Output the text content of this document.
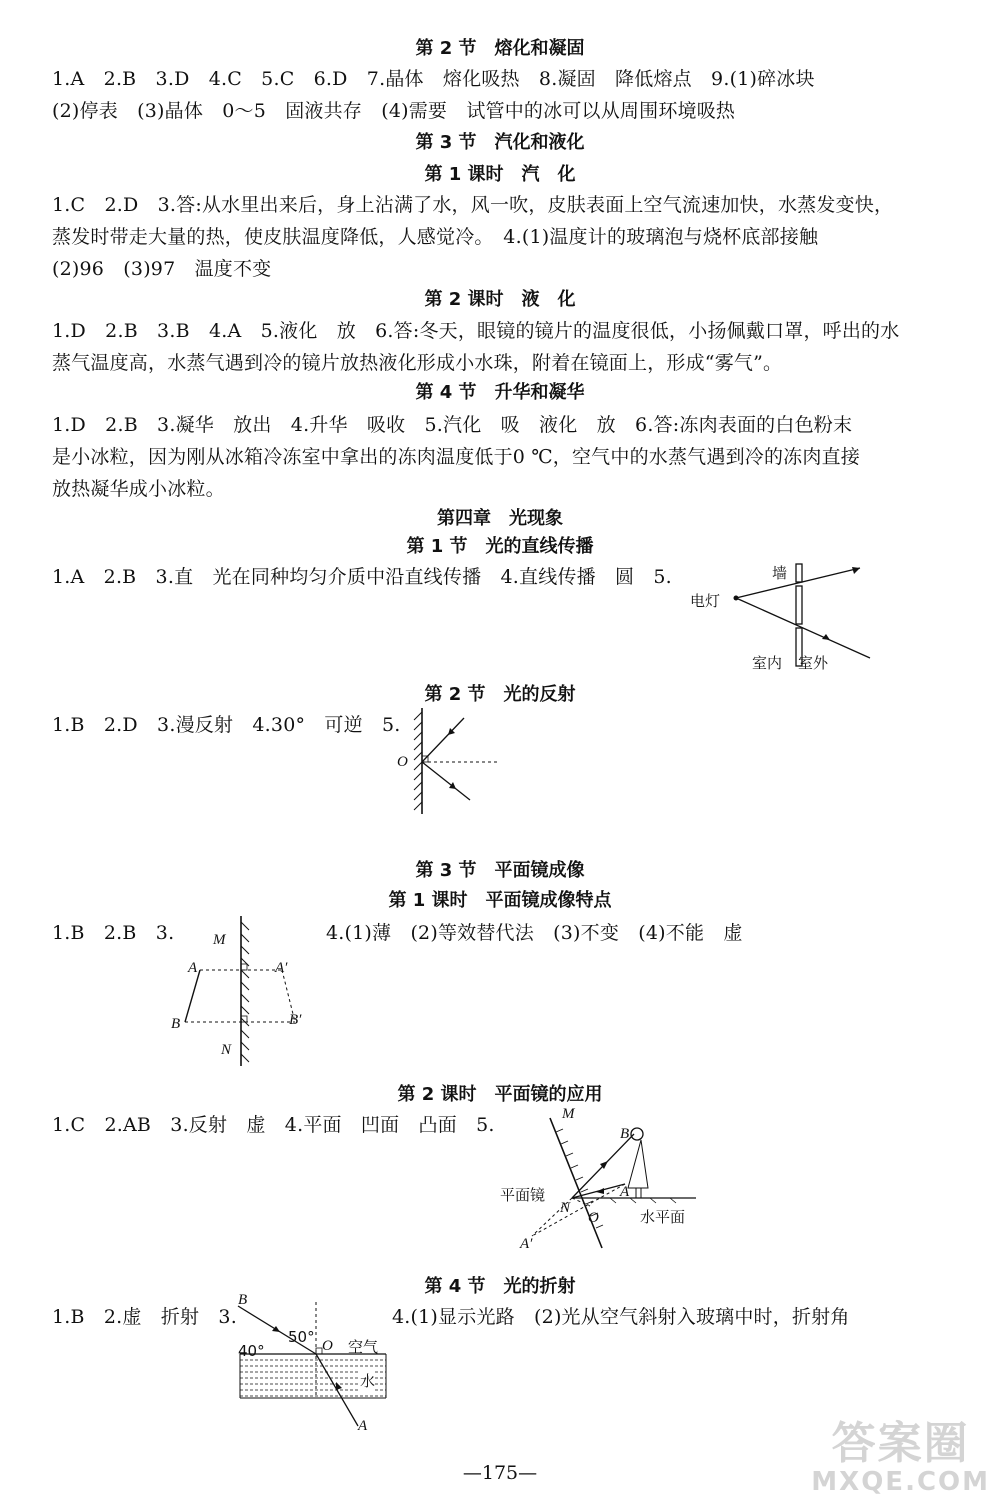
第 2 节　熔化和凝固
1.A　2.B　3.D　4.C　5.C　6.D　7.晶体　熔化吸热　8.凝固　降低熔点　9.(1)碎冰块
(2)停表　(3)晶体　0～5　固液共存　(4)需要　试管中的冰可以从周围环境吸热
第 3 节　汽化和液化
第 1 课时　汽　化
1.C　2.D　3.答:从水里出来后，身上沾满了水，风一吹，皮肤表面上空气流速加快，水蒸发变快，
蒸发时带走大量的热，使皮肤温度降低，人感觉冷。　4.(1)温度计的玻璃泡与烧杯底部接触
(2)96　(3)97　温度不变
第 2 课时　液　化
1.D　2.B　3.B　4.A　5.液化　放　6.答:冬天，眼镜的镜片的温度很低，小扬佩戴口罩，呼出的水
蒸气温度高，水蒸气遇到冷的镜片放热液化形成小水珠，附着在镜面上，形成“雾气”。
第 4 节　升华和凝华
1.D　2.B　3.凝华　放出　4.升华　吸收　5.汽化　吸　液化　放　6.答:冻肉表面的白色粉末
是小冰粒，因为刚从冰箱冷冻室中拿出的冻肉温度低于0 ℃，空气中的水蒸气遇到冷的冻肉直接
放热凝华成小冰粒。
第四章　光现象
第 1 节　光的直线传播
1.A　2.B　3.直　光在同种均匀介质中沿直线传播　4.直线传播　圆　5.	墙
电灯
室内 室外
第 2 节　光的反射
1.B　2.D　3.漫反射　4.30°　可逆　5.
O
第 3 节　平面镜成像
第 1 课时　平面镜成像特点
1.B　2.B　3.	4.(1)薄　(2)等效替代法　(3)不变　(4)不能　虚
M
A	A′
B	B′
N
第 2 课时　平面镜的应用
1.C　2.AB　3.反射　虚　4.平面　凹面　凸面　5.	M
B
平面镜	A
N
O	水平面
A′
第 4 节　光的折射
1.B　2.虚　折射　3.	4.(1)显示光路　(2)光从空气斜射入玻璃中时，折射角
B
50°
40°	O 空气
水
A
—175—
答案圈
MXQE.COM
